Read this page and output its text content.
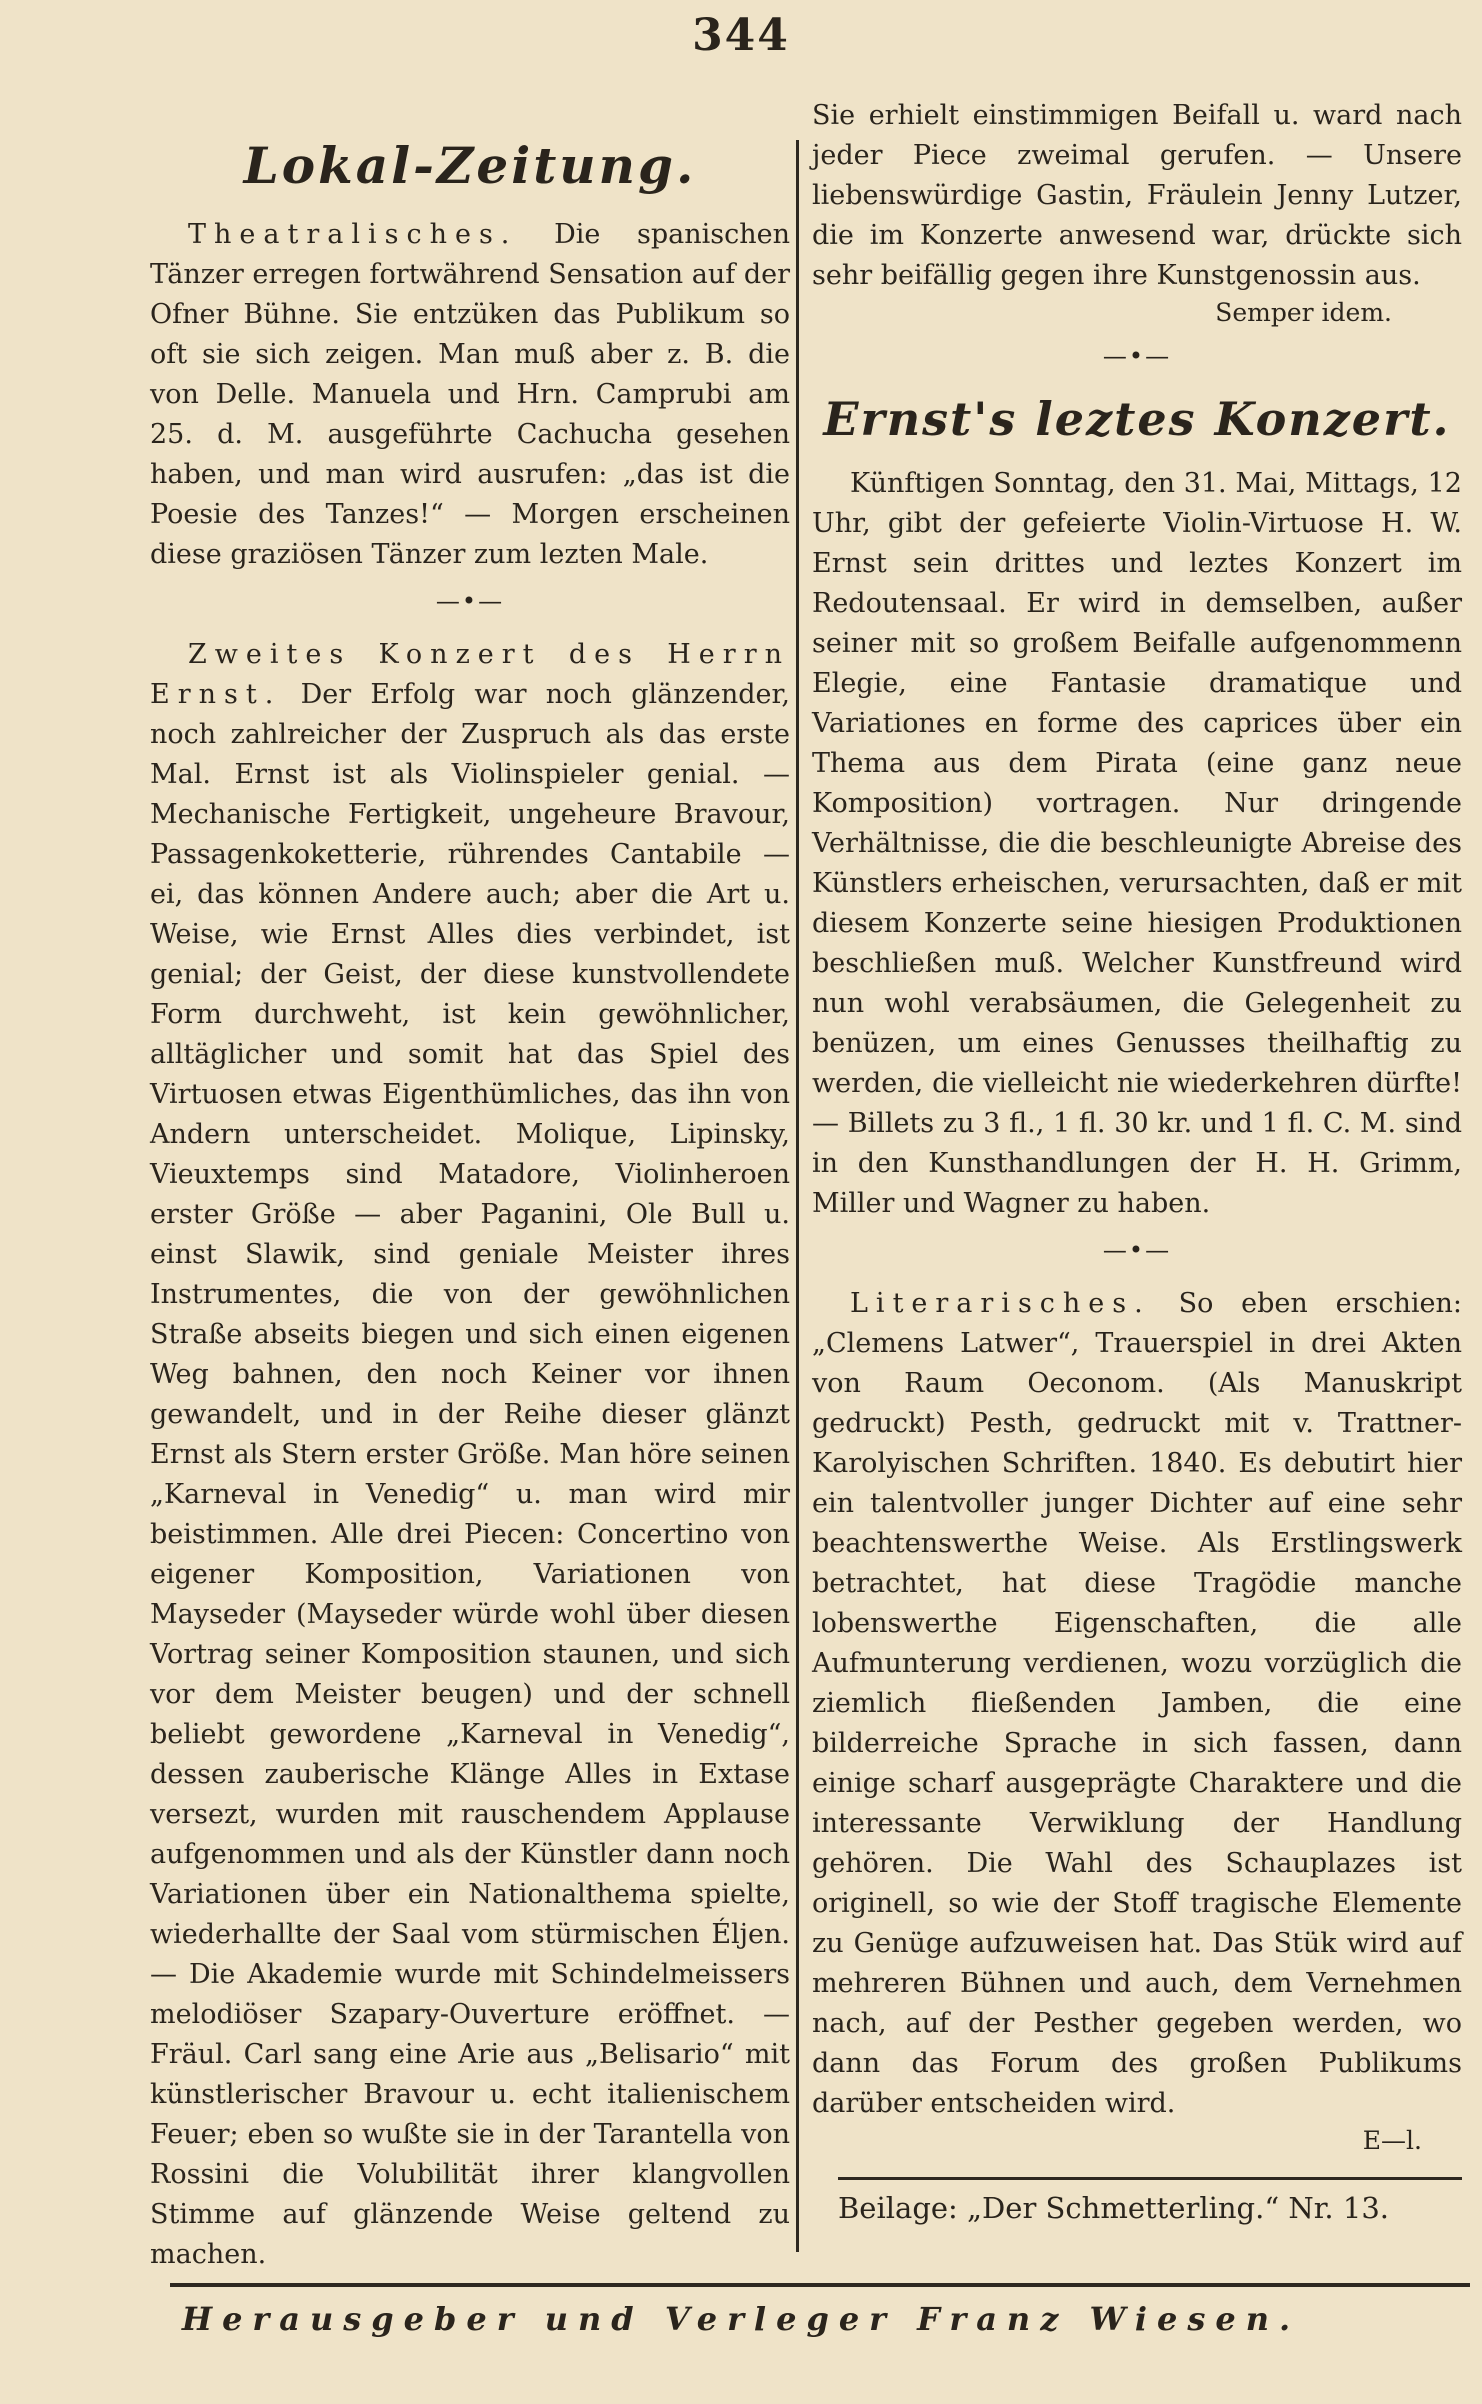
344
Lokal-Zeitung.

Theatralisches. Die spanischen Tänzer erregen fortwährend Sensation auf der Ofner Bühne. Sie entzüken das Publikum so oft sie sich zeigen. Man muß aber z. B. die von Delle. Manuela und Hrn. Camprubi am 25. d. M. ausgeführte Cachucha gesehen haben, und man wird ausrufen: „das ist die Poesie des Tanzes!“ — Morgen erscheinen diese graziösen Tänzer zum lezten Male.

—•—

Zweites Konzert des Herrn Ernst. Der Erfolg war noch glänzender, noch zahlreicher der Zuspruch als das erste Mal. Ernst ist als Violinspieler genial. — Mechanische Fertigkeit, ungeheure Bravour, Passagenkoketterie, rührendes Cantabile — ei, das können Andere auch; aber die Art u. Weise, wie Ernst Alles dies verbindet, ist genial; der Geist, der diese kunstvollendete Form durchweht, ist kein gewöhnlicher, alltäglicher und somit hat das Spiel des Virtuosen etwas Eigenthümliches, das ihn von Andern unterscheidet. Molique, Lipinsky, Vieuxtemps sind Matadore, Violinheroen erster Größe — aber Paganini, Ole Bull u. einst Slawik, sind geniale Meister ihres Instrumentes, die von der gewöhnlichen Straße abseits biegen und sich einen eigenen Weg bahnen, den noch Keiner vor ihnen gewandelt, und in der Reihe dieser glänzt Ernst als Stern erster Größe. Man höre seinen „Karneval in Venedig“ u. man wird mir beistimmen. Alle drei Piecen: Concertino von eigener Komposition, Variationen von Mayseder (Mayseder würde wohl über diesen Vortrag seiner Komposition staunen, und sich vor dem Meister beugen) und der schnell beliebt gewordene „Karneval in Venedig“, dessen zauberische Klänge Alles in Extase versezt, wurden mit rauschendem Applause aufgenommen und als der Künstler dann noch Variationen über ein Nationalthema spielte, wiederhallte der Saal vom stürmischen Éljen. — Die Akademie wurde mit Schindelmeissers melodiöser Szapary-Ouverture eröffnet. — Fräul. Carl sang eine Arie aus „Belisario“ mit künstlerischer Bravour u. echt italienischem Feuer; eben so wußte sie in der Tarantella von Rossini die Volubilität ihrer klangvollen Stimme auf glänzende Weise geltend zu machen.

Sie erhielt einstimmigen Beifall u. ward nach jeder Piece zweimal gerufen. — Unsere liebenswürdige Gastin, Fräulein Jenny Lutzer, die im Konzerte anwesend war, drückte sich sehr beifällig gegen ihre Kunstgenossin aus.

Semper idem.
—•—
Ernst's leztes Konzert.

Künftigen Sonntag, den 31. Mai, Mittags, 12 Uhr, gibt der gefeierte Violin-Virtuose H. W. Ernst sein drittes und leztes Konzert im Redoutensaal. Er wird in demselben, außer seiner mit so großem Beifalle aufgenommenn Elegie, eine Fantasie dramatique und Variationes en forme des caprices über ein Thema aus dem Pirata (eine ganz neue Komposition) vortragen. Nur dringende Verhältnisse, die die beschleunigte Abreise des Künstlers erheischen, verursachten, daß er mit diesem Konzerte seine hiesigen Produktionen beschließen muß. Welcher Kunstfreund wird nun wohl verabsäumen, die Gelegenheit zu benüzen, um eines Genusses theilhaftig zu werden, die vielleicht nie wiederkehren dürfte! — Billets zu 3 fl., 1 fl. 30 kr. und 1 fl. C. M. sind in den Kunsthandlungen der H. H. Grimm, Miller und Wagner zu haben.

—•—

Literarisches. So eben erschien: „Clemens Latwer“, Trauerspiel in drei Akten von Raum Oeconom. (Als Manuskript gedruckt) Pesth, gedruckt mit v. Trattner-Karolyischen Schriften. 1840. Es debutirt hier ein talentvoller junger Dichter auf eine sehr beachtenswerthe Weise. Als Erstlingswerk betrachtet, hat diese Tragödie manche lobenswerthe Eigenschaften, die alle Aufmunterung verdienen, wozu vorzüglich die ziemlich fließenden Jamben, die eine bilderreiche Sprache in sich fassen, dann einige scharf ausgeprägte Charaktere und die interessante Verwiklung der Handlung gehören. Die Wahl des Schauplazes ist originell, so wie der Stoff tragische Elemente zu Genüge aufzuweisen hat. Das Stük wird auf mehreren Bühnen und auch, dem Vernehmen nach, auf der Pesther gegeben werden, wo dann das Forum des großen Publikums darüber entscheiden wird.

E—l.
Beilage: „Der Schmetterling.“ Nr. 13.
Herausgeber und Verleger Franz Wiesen.
